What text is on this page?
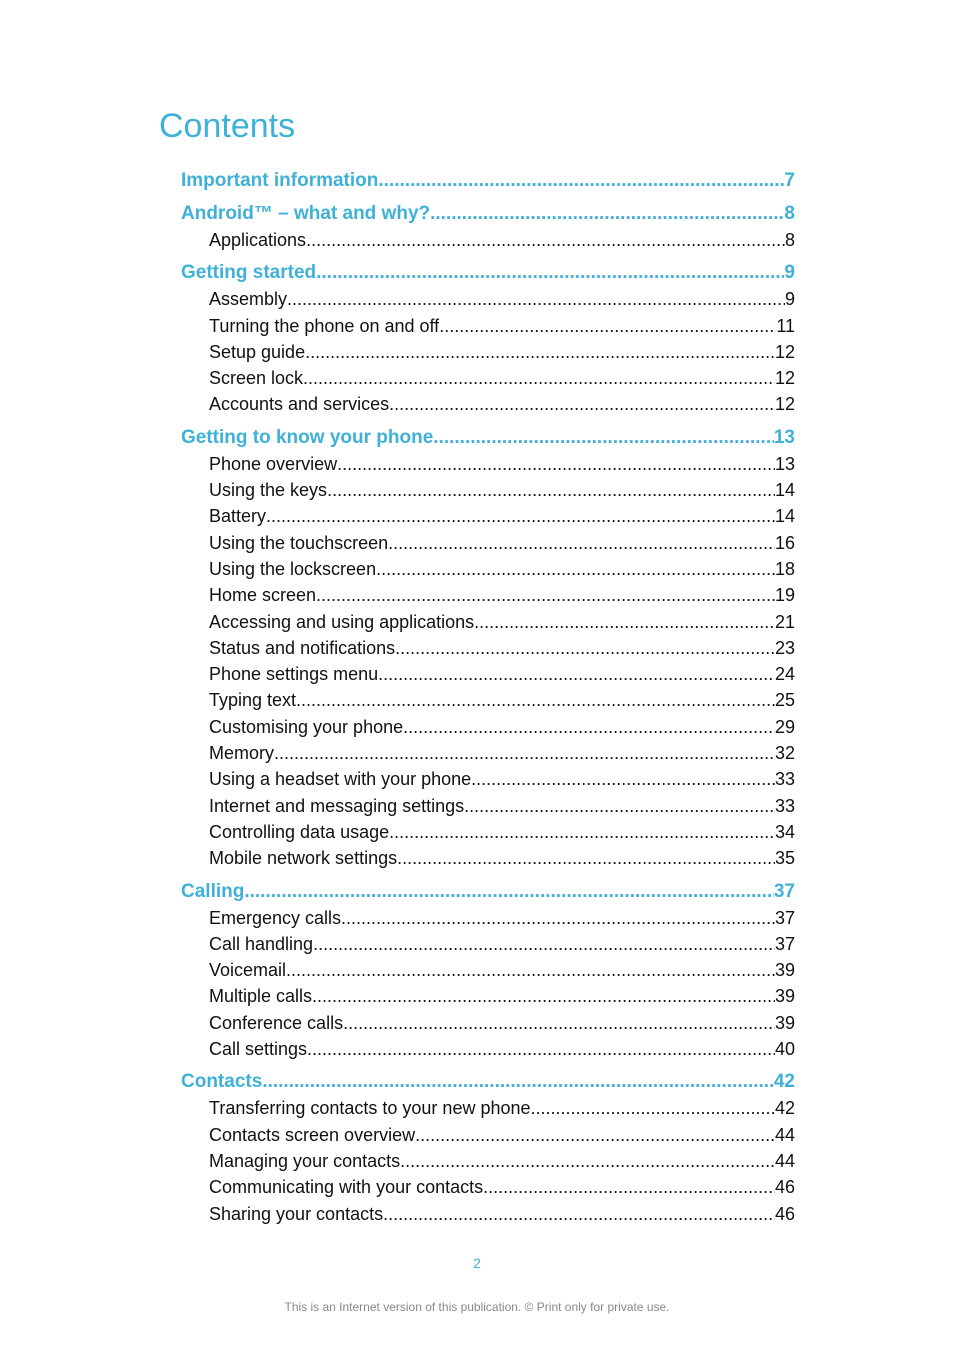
Contents
Important information .....	7
Android™ – what and why? .....	8
Applications .....	8
Getting started .....	9
Assembly .....	9
Turning the phone on and off .....	11
Setup guide .....	12
Screen lock .....	12
Accounts and services .....	12
Getting to know your phone .....	13
Phone overview .....	13
Using the keys .....	14
Battery .....	14
Using the touchscreen .....	16
Using the lockscreen .....	18
Home screen .....	19
Accessing and using applications .....	21
Status and notifications .....	23
Phone settings menu .....	24
Typing text .....	25
Customising your phone .....	29
Memory .....	32
Using a headset with your phone .....	33
Internet and messaging settings .....	33
Controlling data usage .....	34
Mobile network settings .....	35
Calling .....	37
Emergency calls .....	37
Call handling .....	37
Voicemail .....	39
Multiple calls .....	39
Conference calls .....	39
Call settings .....	40
Contacts .....	42
Transferring contacts to your new phone .....	42
Contacts screen overview .....	44
Managing your contacts .....	44
Communicating with your contacts .....	46
Sharing your contacts .....	46
2
This is an Internet version of this publication. © Print only for private use.
